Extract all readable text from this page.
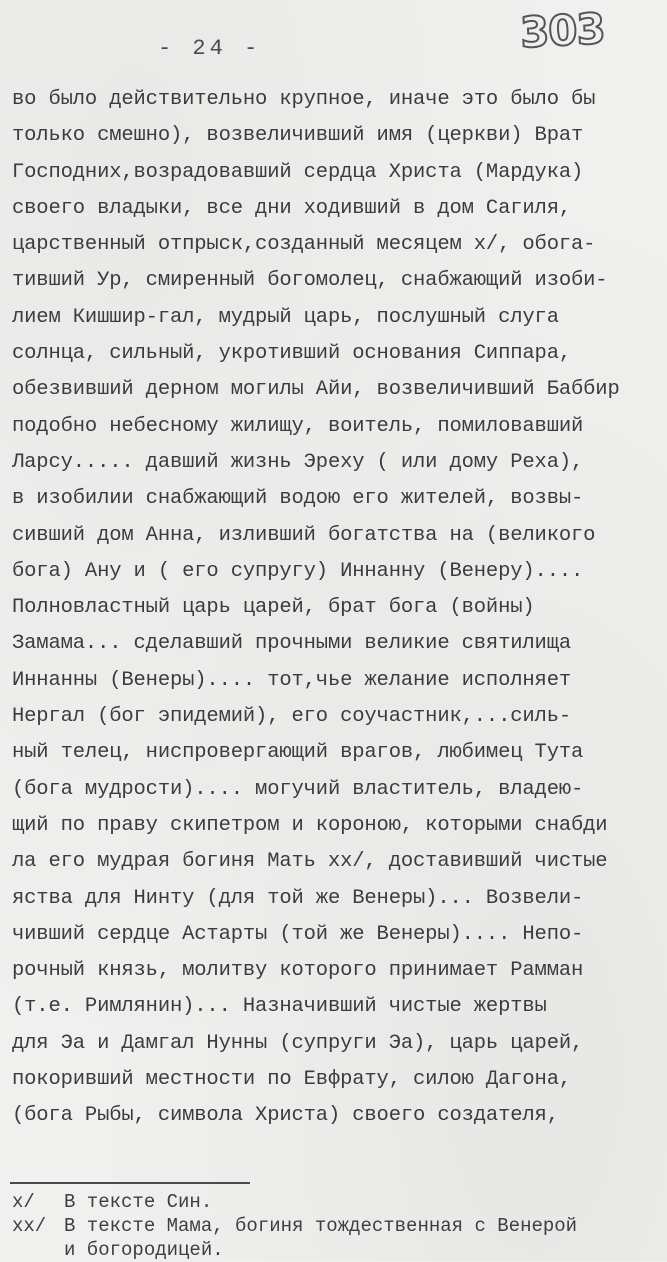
- 24 -	303
во было действительно крупное, иначе это было бы
только смешно), возвеличивший имя (церкви) Врат
Господних,возрадовавший сердца Христа (Мардука)
своего владыки, все дни ходивший в дом Сагиля,
царственный отпрыск,созданный месяцем x/, обога-
тивший Ур, смиренный богомолец, снабжающий изоби-
лием Кишшир-гал, мудрый царь, послушный слуга
солнца, сильный, укротивший основания Сиппара,
обезвивший дерном могилы Айи, возвеличивший Баббир
подобно небесному жилищу, воитель, помиловавший
Ларсу..... давший жизнь Эреху ( или дому Реха),
в изобилии снабжающий водою его жителей, возвы-
сивший дом Анна, изливший богатства на (великого
бога) Ану и ( его супругу) Иннанну (Венеру)....
Полновластный царь царей, брат бога (войны)
Замама... сделавший прочными великие святилища
Иннанны (Венеры).... тот,чье желание исполняет
Нергал (бог эпидемий), его соучастник,...силь-
ный телец, ниспровергающий врагов, любимец Тута
(бога мудрости).... могучий властитель, владею-
щий по праву скипетром и короною, которыми снабди
ла его мудрая богиня Мать xx/, доставивший чистые
яства для Нинту (для той же Венеры)... Возвели-
чивший сердце Астарты (той же Венеры).... Непо-
рочный князь, молитву которого принимает Рамман
(т.е. Римлянин)... Назначивший чистые жертвы
для Эа и Дамгал Нунны (супруги Эа), царь царей,
покоривший местности по Евфрату, силою Дагона,
(бога Рыбы, символа Христа) своего создателя,
x/	В тексте Син.
xx/ В тексте Мама, богиня тождественная с Венерой
и богородицей.
